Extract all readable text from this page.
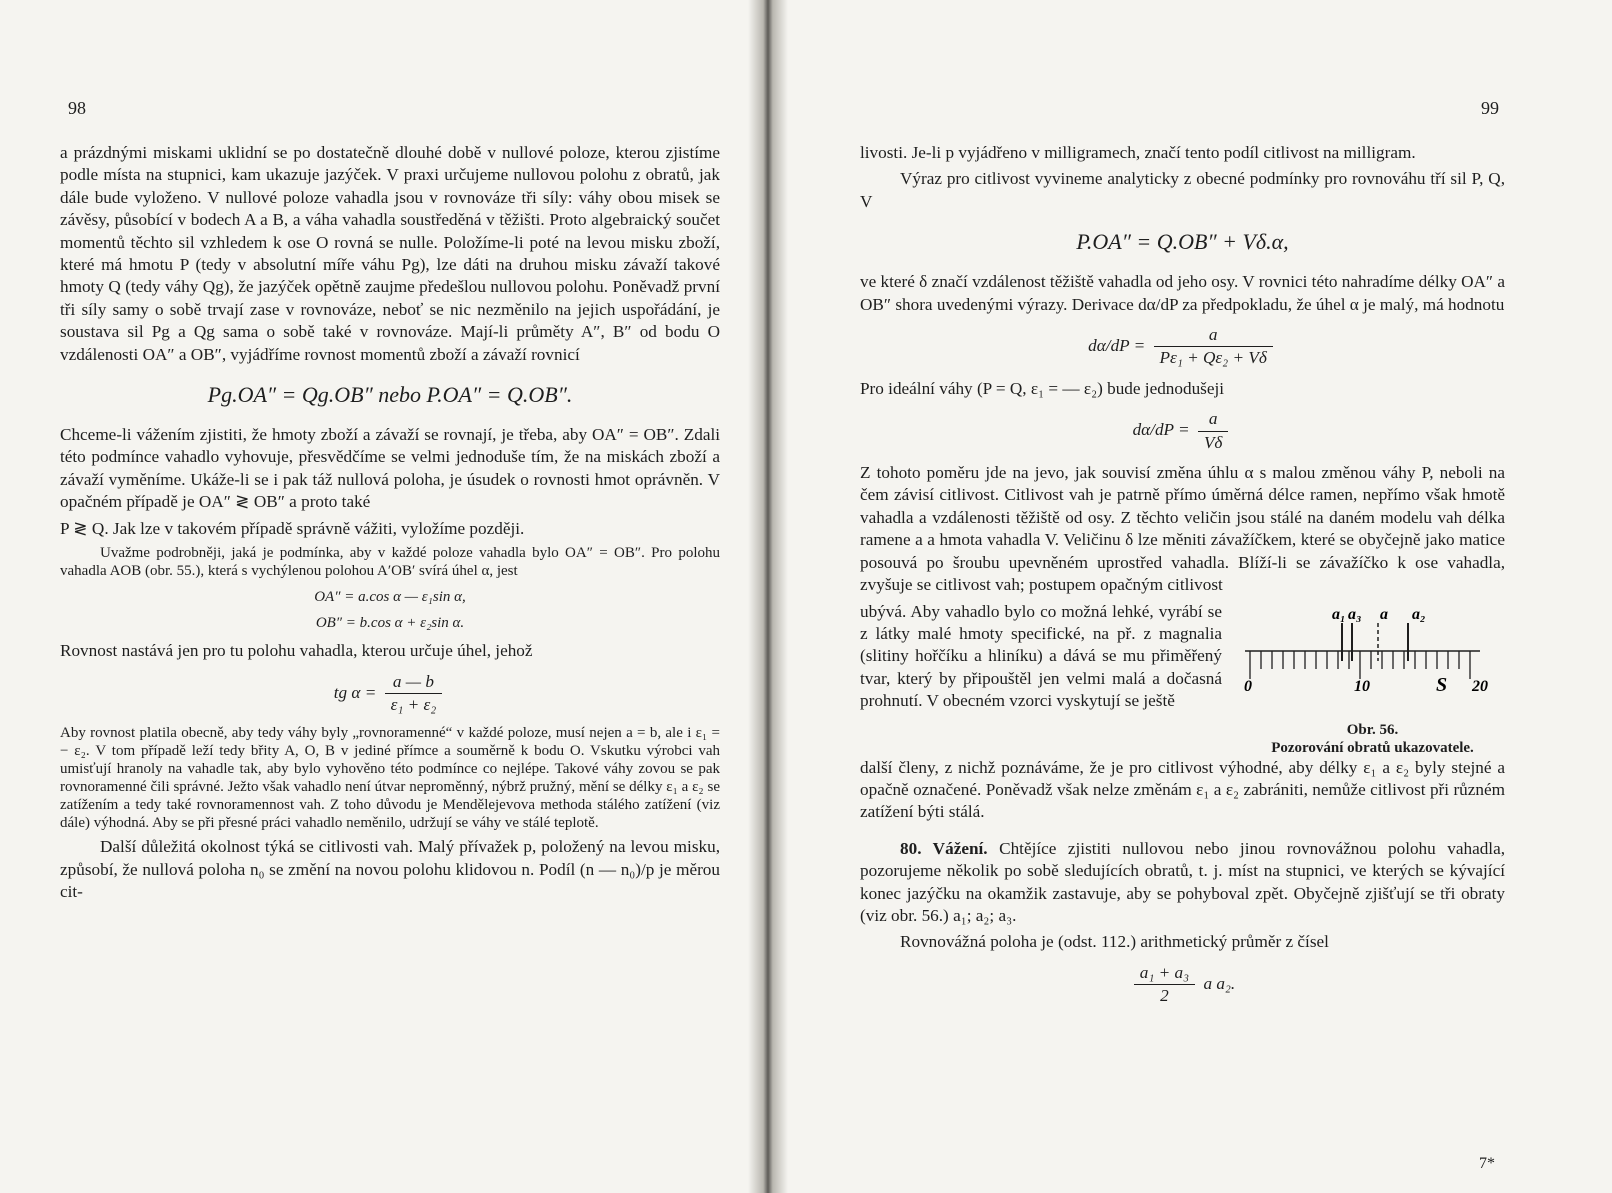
98

a prázdnými miskami uklidní se po dostatečně dlouhé době v nullové poloze, kterou zjistíme podle místa na stupnici, kam ukazuje jazýček. V praxi určujeme nullovou polohu z obratů, jak dále bude vyloženo. V nullové poloze vahadla jsou v rovnováze tři síly: váhy obou misek se závěsy, působící v bodech A a B, a váha vahadla soustředěná v těžišti. Proto algebraický součet momentů těchto sil vzhledem k ose O rovná se nulle. Položíme-li poté na levou misku zboží, které má hmotu P (tedy v absolutní míře váhu Pg), lze dáti na druhou misku závaží takové hmoty Q (tedy váhy Qg), že jazýček opětně zaujme předešlou nullovou polohu. Poněvadž první tři síly samy o sobě trvají zase v rovnováze, neboť se nic nezměnilo na jejich uspořádání, je soustava sil Pg a Qg sama o sobě také v rovnováze. Mají-li průměty A″, B″ od bodu O vzdálenosti OA″ a OB″, vyjádříme rovnost momentů zboží a závaží rovnicí

Pg.OA″ = Qg.OB″ nebo P.OA″ = Q.OB″.

Chceme-li vážením zjistiti, že hmoty zboží a závaží se rovnají, je třeba, aby OA″ = OB″. Zdali této podmínce vahadlo vyhovuje, přesvědčíme se velmi jednoduše tím, že na miskách zboží a závaží vyměníme. Ukáže-li se i pak táž nullová poloha, je úsudek o rovnosti hmot oprávněn. V opačném případě je OA″ ≷ OB″ a proto také

P ≷ Q. Jak lze v takovém případě správně vážiti, vyložíme později.

Uvažme podrobněji, jaká je podmínka, aby v každé poloze vahadla bylo OA″ = OB″. Pro polohu vahadla AOB (obr. 55.), která s vychýlenou polohou A′OB′ svírá úhel α, jest

OA″ = a.cos α — ε₁sin α,
OB″ = b.cos α + ε₂sin α.

Rovnost nastává jen pro tu polohu vahadla, kterou určuje úhel, jehož

tg $\alpha = \frac{a — b}{\text{ε₁ + ε₂}}$

Aby rovnost platila obecně, aby tedy váhy byly „rovnoramenné“ v každé poloze, musí nejen a = b, ale i ε₁ = − ε₂. V tom případě leží tedy břity A, O, B v jediné přímce a souměrně k bodu O. Vskutku výrobci vah umisťují hranoly na vahadle tak, aby bylo vyhověno této podmínce co nejlépe. Takové váhy zovou se pak rovnoramenné čili správné. Ježto však vahadlo není útvar neproměnný, nýbrž pružný, mění se délky ε₁ a ε₂ se zatížením a tedy také rovnoramennost vah. Z toho důvodu je Mendělejevova methoda stálého zatížení (viz dále) výhodná. Aby se při přesné práci vahadlo neměnilo, udržují se váhy ve stálé teplotě.

Další důležitá okolnost týká se citlivosti vah. Malý přívažek p, položený na levou misku, způsobí, že nullová poloha n₀ se změní na novou polohu klidovou n. Podíl (n — n₀)/p je měrou cit-

99

livosti. Je-li p vyjádřeno v milligramech, značí tento podíl citlivost na milligram.

Výraz pro citlivost vyvineme analyticky z obecné podmínky pro rovnováhu tří sil P, Q, V

P.OA″ = Q.OB″ + Vδ.α,

ve které δ značí vzdálenost těžiště vahadla od jeho osy. V rovnici této nahradíme délky OA″ a OB″ shora uvedenými výrazy. Derivace dα/dP za předpokladu, že úhel α je malý, má hodnotu

$d\alpha/dP = \frac{a}{\text{Pε₁ + Qε₂ + Vδ}}$

Pro ideální váhy (P = Q, ε₁ = — ε₂) bude jednodušeji

$d\alpha/dP = \frac{a}{V\delta}$

Z tohoto poměru jde na jevo, jak souvisí změna úhlu α s malou změnou váhy P, neboli na čem závisí citlivost. Citlivost vah je patrně přímo úměrná délce ramen, nepřímo však hmotě vahadla a vzdálenosti těžiště od osy. Z těchto veličin jsou stálé na daném modelu vah délka ramene a a hmota vahadla V. Veličinu δ lze měniti závažíčkem, které se obyčejně jako matice posouvá po šroubu upevněném uprostřed vahadla. Blíží-li se závažíčko k ose vahadla, zvyšuje se citlivost vah; postupem opačným citlivost

ubývá. Aby vahadlo bylo co možná lehké, vyrábí se z látky malé hmoty specifické, na př. z magnalia (slitiny hořčíku a hliníku) a dává se mu přiměřený tvar, který by připouštěl jen velmi malá a dočasná prohnutí. V obecném vzorci vyskytují se ještě

a₁ a₃ a a₂
0	10	S 20
Obr. 56.
Pozorování obratů ukazovatele.

další členy, z nichž poznáváme, že je pro citlivost výhodné, aby délky ε₁ a ε₂ byly stejné a opačně označené. Poněvadž však nelze změnám ε₁ a ε₂ zabrániti, nemůže citlivost při různém zatížení býti stálá.

80. Vážení. Chtějíce zjistiti nullovou nebo jinou rovnovážnou polohu vahadla, pozorujeme několik po sobě sledujících obratů, t. j. míst na stupnici, ve kterých se kývající konec jazýčku na okamžik zastavuje, aby se pohyboval zpět. Obyčejně zjišťují se tři obraty (viz obr. 56.) a₁; a₂; a₃.

Rovnovážná poloha je (odst. 112.) arithmetický průměr z čísel

$\frac{\text{a₁ + a₃}}{2}$ a a₂.
7*
